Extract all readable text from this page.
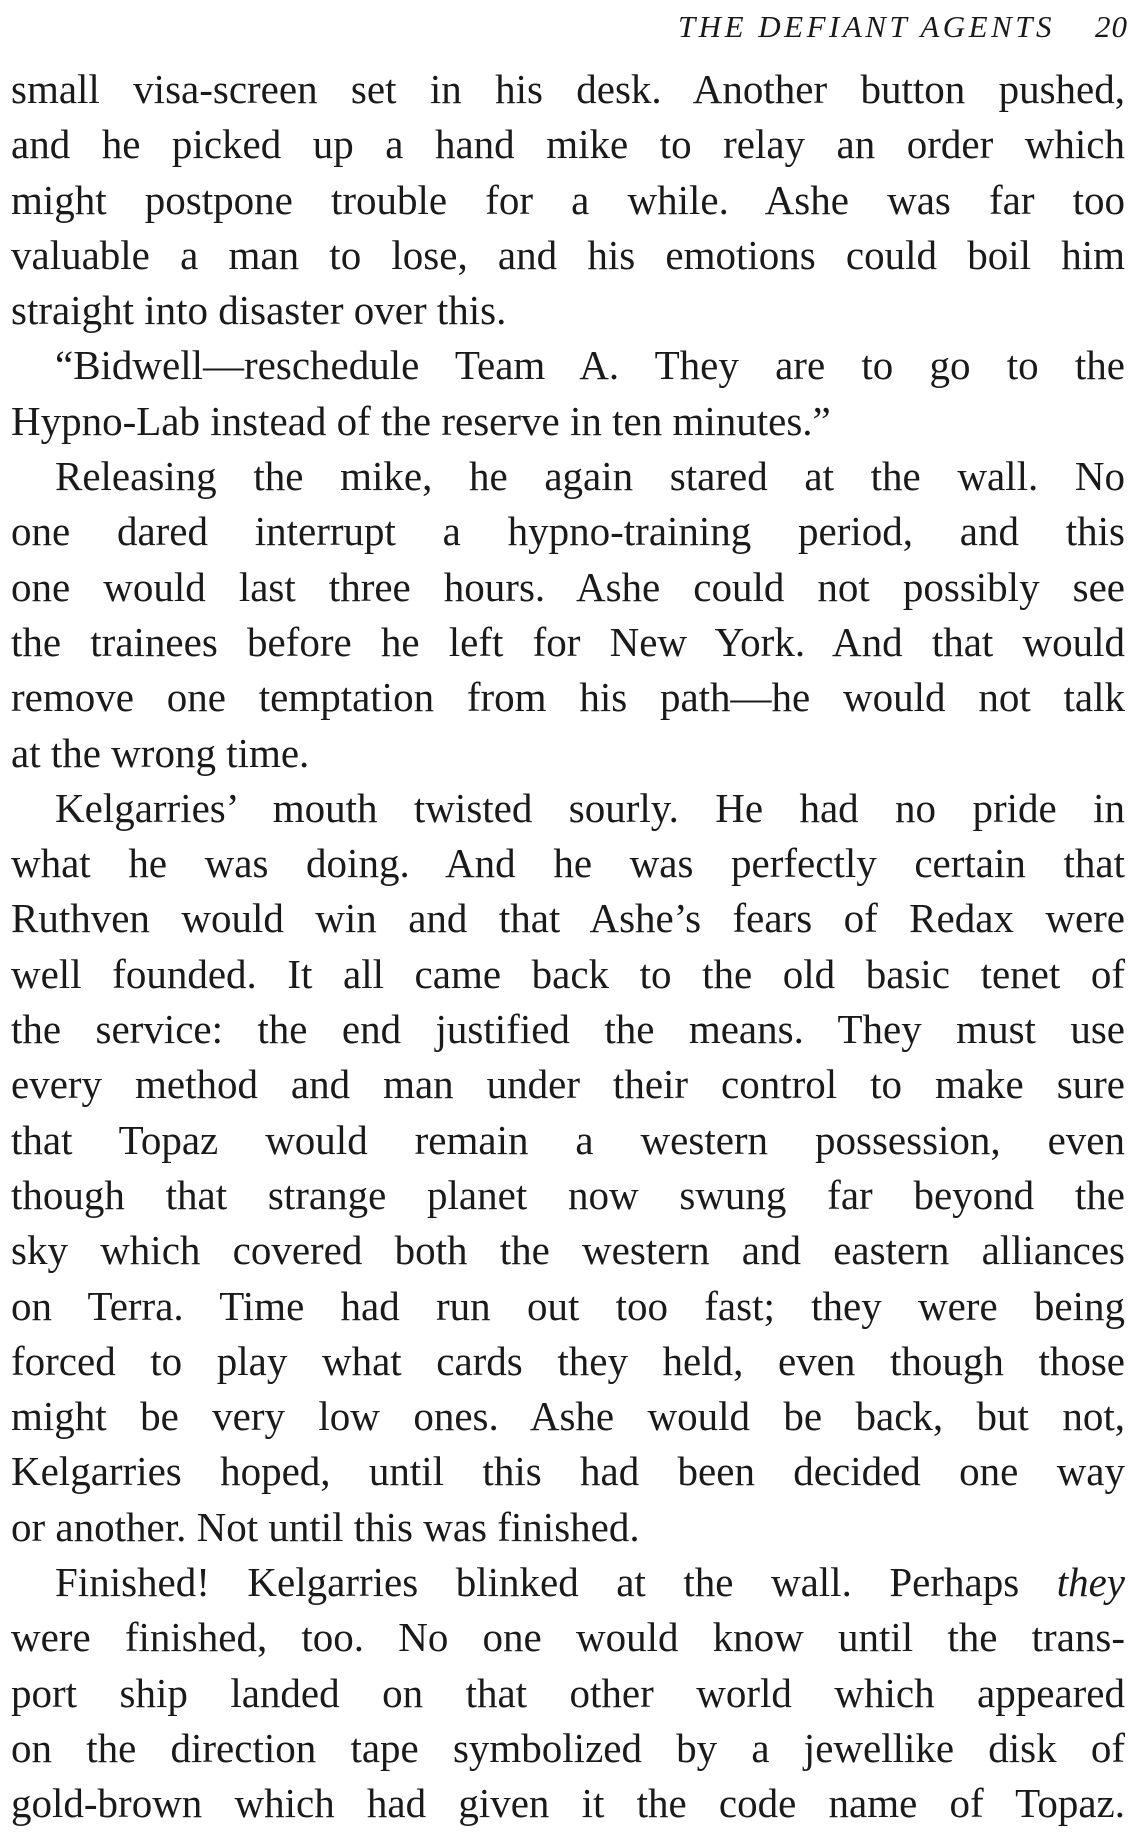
THE DEFIANT AGENTS 20
small visa-screen set in his desk. Another button pushed,
and he picked up a hand mike to relay an order which
might postpone trouble for a while. Ashe was far too
valuable a man to lose, and his emotions could boil him
straight into disaster over this.
“Bidwell—reschedule Team A. They are to go to the
Hypno-Lab instead of the reserve in ten minutes.”
Releasing the mike, he again stared at the wall. No
one dared interrupt a hypno-training period, and this
one would last three hours. Ashe could not possibly see
the trainees before he left for New York. And that would
remove one temptation from his path—he would not talk
at the wrong time.
Kelgarries’ mouth twisted sourly. He had no pride in
what he was doing. And he was perfectly certain that
Ruthven would win and that Ashe’s fears of Redax were
well founded. It all came back to the old basic tenet of
the service: the end justified the means. They must use
every method and man under their control to make sure
that Topaz would remain a western possession, even
though that strange planet now swung far beyond the
sky which covered both the western and eastern alliances
on Terra. Time had run out too fast; they were being
forced to play what cards they held, even though those
might be very low ones. Ashe would be back, but not,
Kelgarries hoped, until this had been decided one way
or another. Not until this was finished.
Finished! Kelgarries blinked at the wall. Perhaps they
were finished, too. No one would know until the trans-
port ship landed on that other world which appeared
on the direction tape symbolized by a jewellike disk of
gold-brown which had given it the code name of Topaz.
